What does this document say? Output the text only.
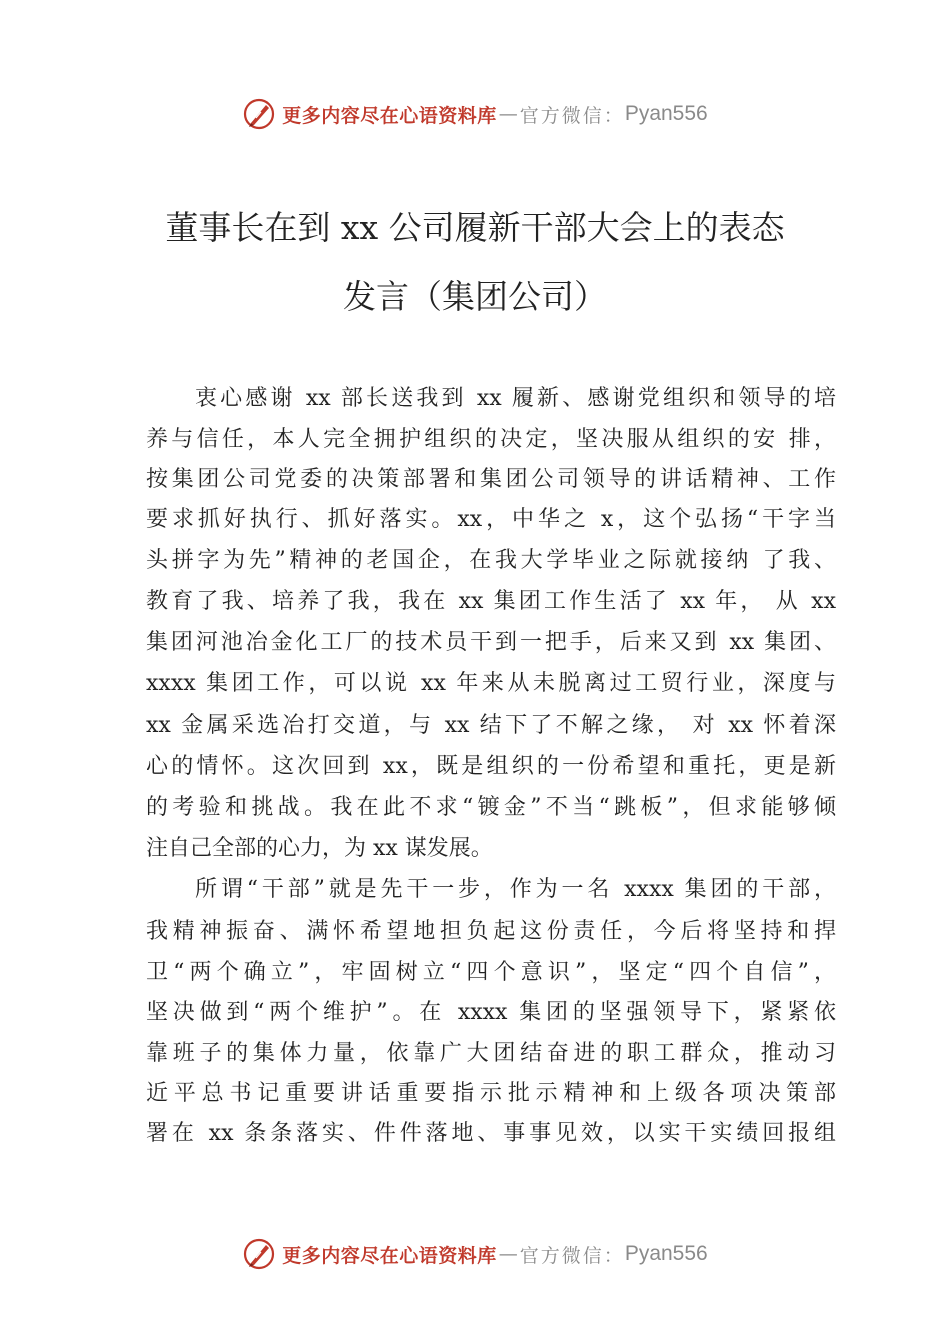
更多内容尽在心语资料库 — 官方微信： Pyan556
董事长在到 xx 公司履新干部大会上的表态
发言（集团公司）
衷心感谢 xx 部长送我到 xx 履新、感谢党组织和领导的培
养与信任，本人完全拥护组织的决定，坚决服从组织的安 排，
按集团公司党委的决策部署和集团公司领导的讲话精神、工作
要求抓好执行、抓好落实。xx，中华之 x，这个弘扬“干字当
头拼字为先”精神的老国企，在我大学毕业之际就接纳 了我、
教育了我、培养了我，我在 xx 集团工作生活了 xx 年， 从 xx
集团河池冶金化工厂的技术员干到一把手，后来又到 xx 集团、
xxxx 集团工作，可以说 xx 年来从未脱离过工贸行业，深度与
xx 金属采选冶打交道，与 xx 结下了不解之缘， 对 xx 怀着深
心的情怀。这次回到 xx，既是组织的一份希望和重托，更是新
的考验和挑战。我在此不求“镀金”不当“跳板”，但求能够倾
注自己全部的心力，为 xx 谋发展。
所谓“干部”就是先干一步，作为一名 xxxx 集团的干部，
我精神振奋、满怀希望地担负起这份责任，今后将坚持和捍
卫“两个确立”，牢固树立“四个意识”，坚定“四个自信”，
坚决做到“两个维护”。在 xxxx 集团的坚强领导下，紧紧依
靠班子的集体力量，依靠广大团结奋进的职工群众，推动习
近平总书记重要讲话重要指示批示精神和上级各项决策部
署在 xx 条条落实、件件落地、事事见效，以实干实绩回报组
更多内容尽在心语资料库 — 官方微信： Pyan556
